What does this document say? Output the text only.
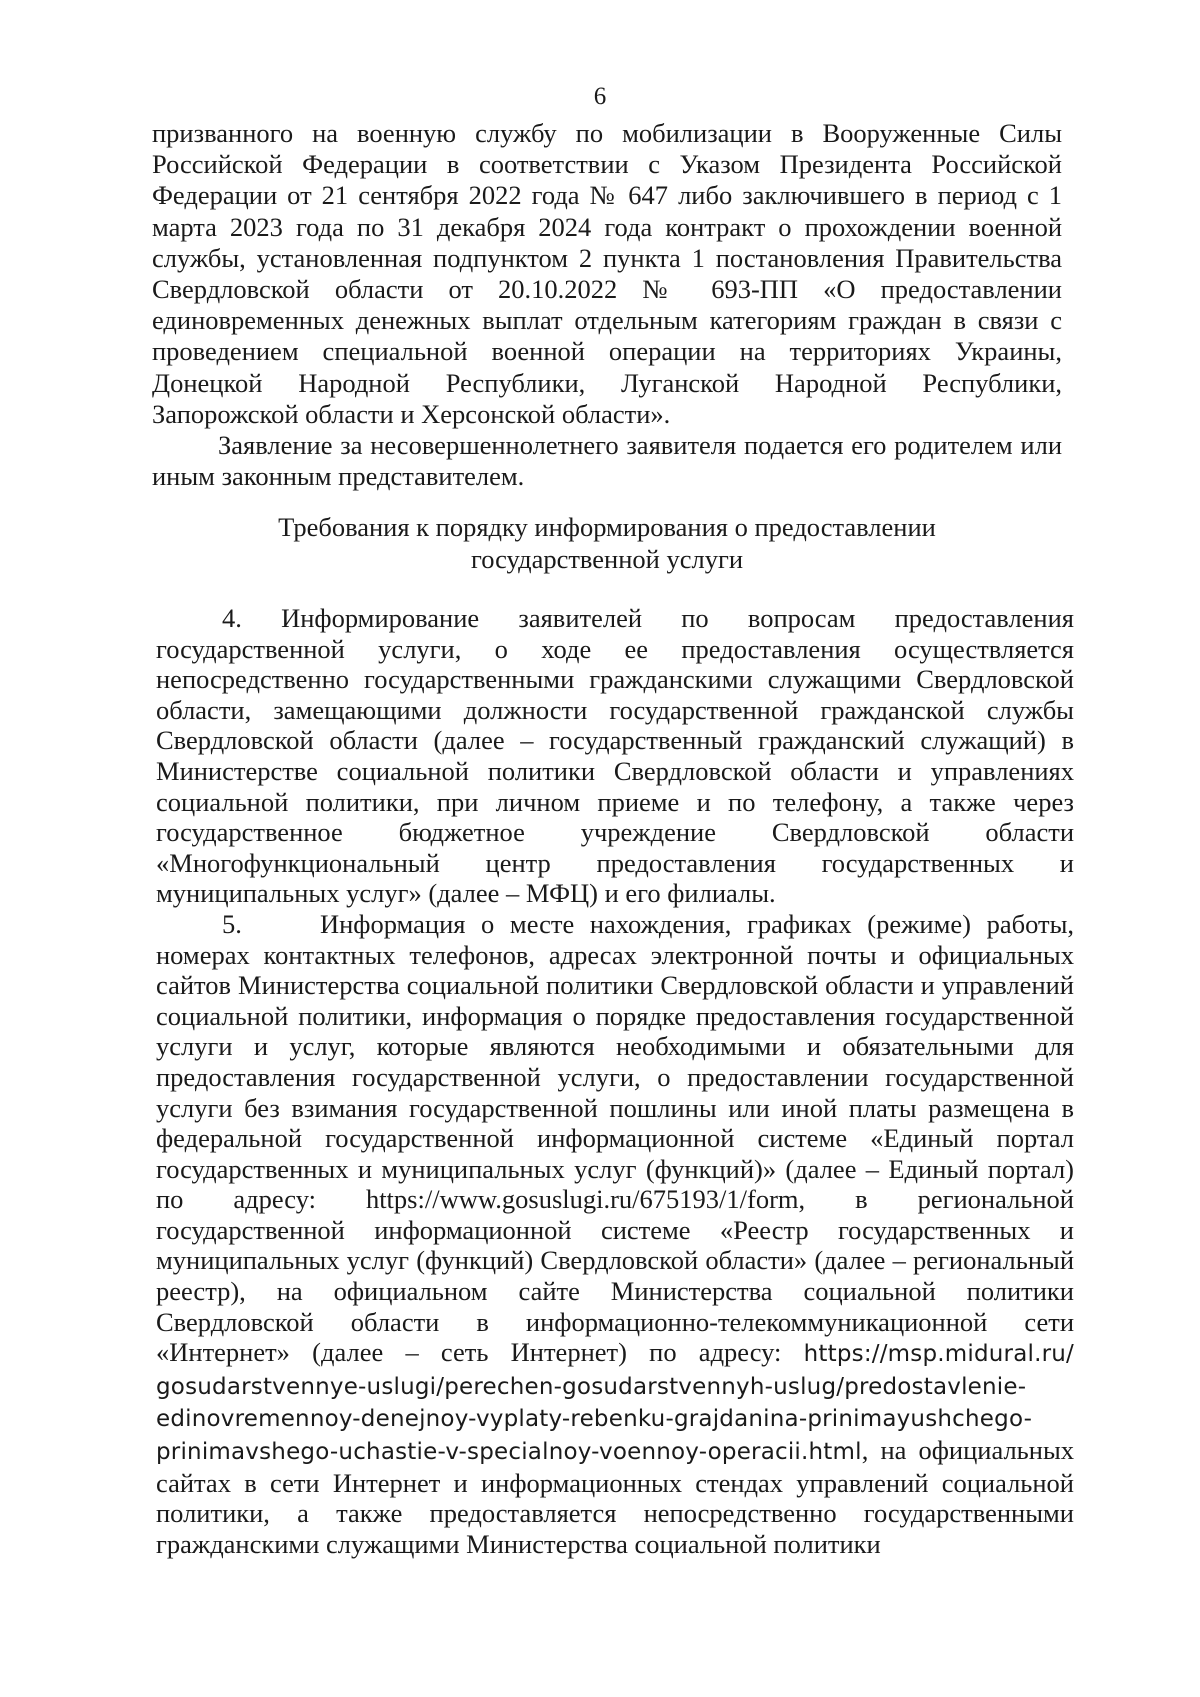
6

призванного на военную службу по мобилизации в Вооруженные Силы Российской Федерации в соответствии с Указом Президента Российской Федерации от 21 сентября 2022 года № 647 либо заключившего в период с 1 марта 2023 года по 31 декабря 2024 года контракт о прохождении военной службы, установленная подпунктом 2 пункта 1 постановления Правительства Свердловской области от 20.10.2022 № 693-ПП «О предоставлении единовременных денежных выплат отдельным категориям граждан в связи с проведением специальной военной операции на территориях Украины, Донецкой Народной Республики, Луганской Народной Республики, Запорожской области и Херсонской области».

Заявление за несовершеннолетнего заявителя подается его родителем или иным законным представителем.

Требования к порядку информирования о предоставлении
государственной услуги

4. Информирование заявителей по вопросам предоставления государственной услуги, о ходе ее предоставления осуществляется непосредственно государственными гражданскими служащими Свердловской области, замещающими должности государственной гражданской службы Свердловской области (далее – государственный гражданский служащий) в Министерстве социальной политики Свердловской области и управлениях социальной политики, при личном приеме и по телефону, а также через государственное бюджетное учреждение Свердловской области «Многофункциональный центр предоставления государственных и муниципальных услуг» (далее – МФЦ) и его филиалы.

5.     Информация о месте нахождения, графиках (режиме) работы, номерах контактных телефонов, адресах электронной почты и официальных сайтов Министерства социальной политики Свердловской области и управлений социальной политики, информация о порядке предоставления государственной услуги и услуг, которые являются необходимыми и обязательными для предоставления государственной услуги, о предоставлении государственной услуги без взимания государственной пошлины или иной платы размещена в федеральной государственной информационной системе «Единый портал государственных и муниципальных услуг (функций)» (далее – Единый портал) по адресу: https://www.gosuslugi.ru/675193/1/form, в региональной государственной информационной системе «Реестр государственных и муниципальных услуг (функций) Свердловской области» (далее – региональный реестр), на официальном сайте Министерства социальной политики Свердловской области в информационно-телекоммуникационной сети «Интернет» (далее – сеть Интернет) по адресу: https:/​/​msp.midural.ru/​gosudarstvennye-​uslugi/​perechen-​gosudarstvennyh-​uslug/​predostavlenie-​edinovremennoy-​denejnoy-​vyplaty-​rebenku-​grajdanina-​prinimayushchego-​prinimavshego-​uchastie-​v-​specialnoy-​voennoy-​operacii.html, на официальных сайтах в сети Интернет и информационных стендах управлений социальной политики, а также предоставляется непосредственно государственными гражданскими служащими Министерства социальной политики
